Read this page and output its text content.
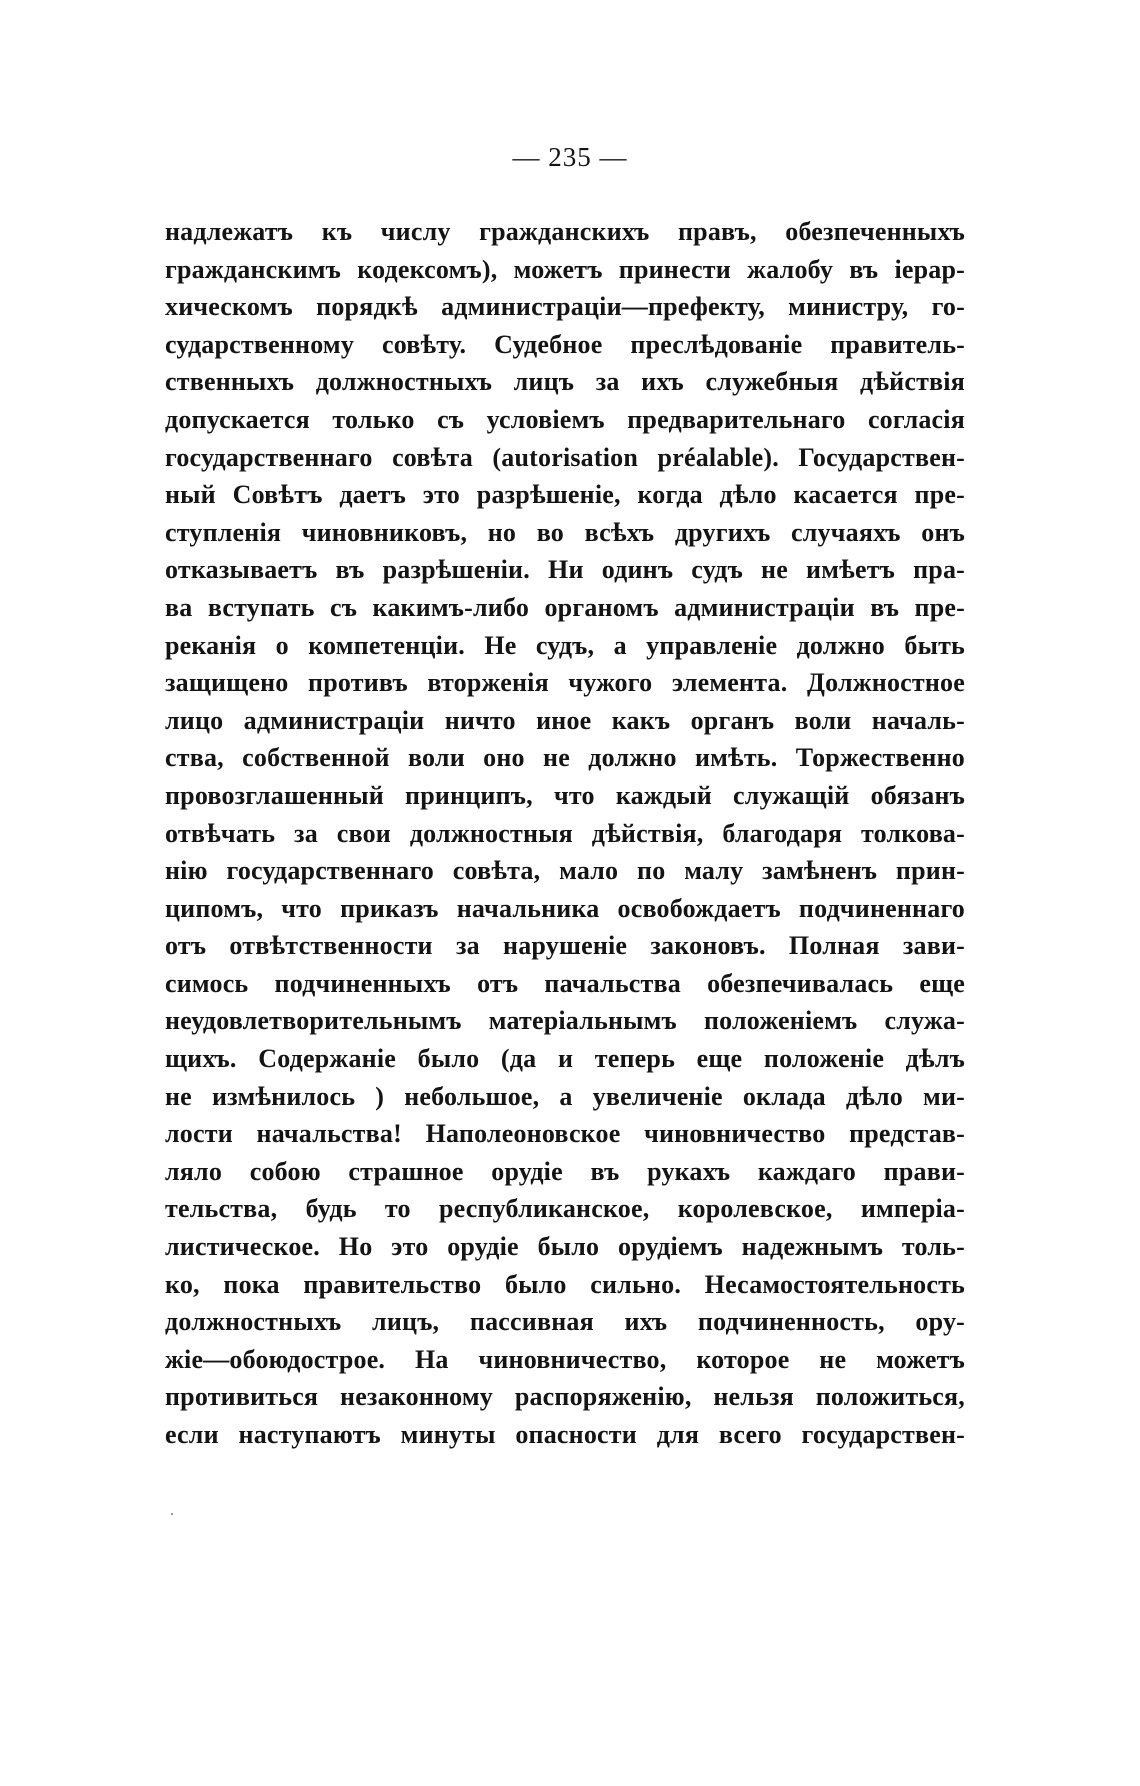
— 235 —
надлежатъ къ числу гражданскихъ правъ, обезпеченныхъ
гражданскимъ кодексомъ), можетъ принести жалобу въ iерар-
хическомъ порядкѣ администрацiи—префекту, министру, го-
сударственному совѣту. Судебное преслѣдованiе правитель-
ственныхъ должностныхъ лицъ за ихъ служебныя дѣйствiя
допускается только съ условiемъ предварительнаго согласiя
государственнаго совѣта (autorisation préalable). Государствен-
ный Совѣтъ даетъ это разрѣшенiе, когда дѣло касается пре-
ступленiя чиновниковъ, но во всѣхъ другихъ случаяхъ онъ
отказываетъ въ разрѣшенiи. Ни одинъ судъ не имѣетъ пра-
ва вступать съ какимъ-либо органомъ администрацiи въ пре-
реканiя о компетенцiи. Не судъ, а управленiе должно быть
защищено противъ вторженiя чужого элемента. Должностное
лицо администрацiи ничто иное какъ органъ воли началь-
ства, собственной воли оно не должно имѣть. Торжественно
провозглашенный принципъ, что каждый служащiй обязанъ
отвѣчать за свои должностныя дѣйствiя, благодаря толкова-
нiю государственнаго совѣта, мало по малу замѣненъ прин-
ципомъ, что приказъ начальника освобождаетъ подчиненнаго
отъ отвѣтственности за нарушенiе законовъ. Полная зави-
симось подчиненныхъ отъ пачальства обезпечивалась еще
неудовлетворительнымъ матерiальнымъ положенiемъ служа-
щихъ. Содержанiе было (да и теперь еще положенiе дѣлъ
не измѣнилось ) небольшое, а увеличенiе оклада дѣло ми-
лости начальства! Наполеоновское чиновничество представ-
ляло собою страшное орудiе въ рукахъ каждаго прави-
тельства, будь то республиканское, королевское, имперiа-
листическое. Но это орудiе было орудiемъ надежнымъ толь-
ко, пока правительство было сильно. Несамостоятельность
должностныхъ лицъ, пассивная ихъ подчиненность, ору-
жiе—обоюдострое. На чиновничество, которое не можетъ
противиться незаконному распоряженiю, нельзя положиться,
если наступаютъ минуты опасности для всего государствен-
